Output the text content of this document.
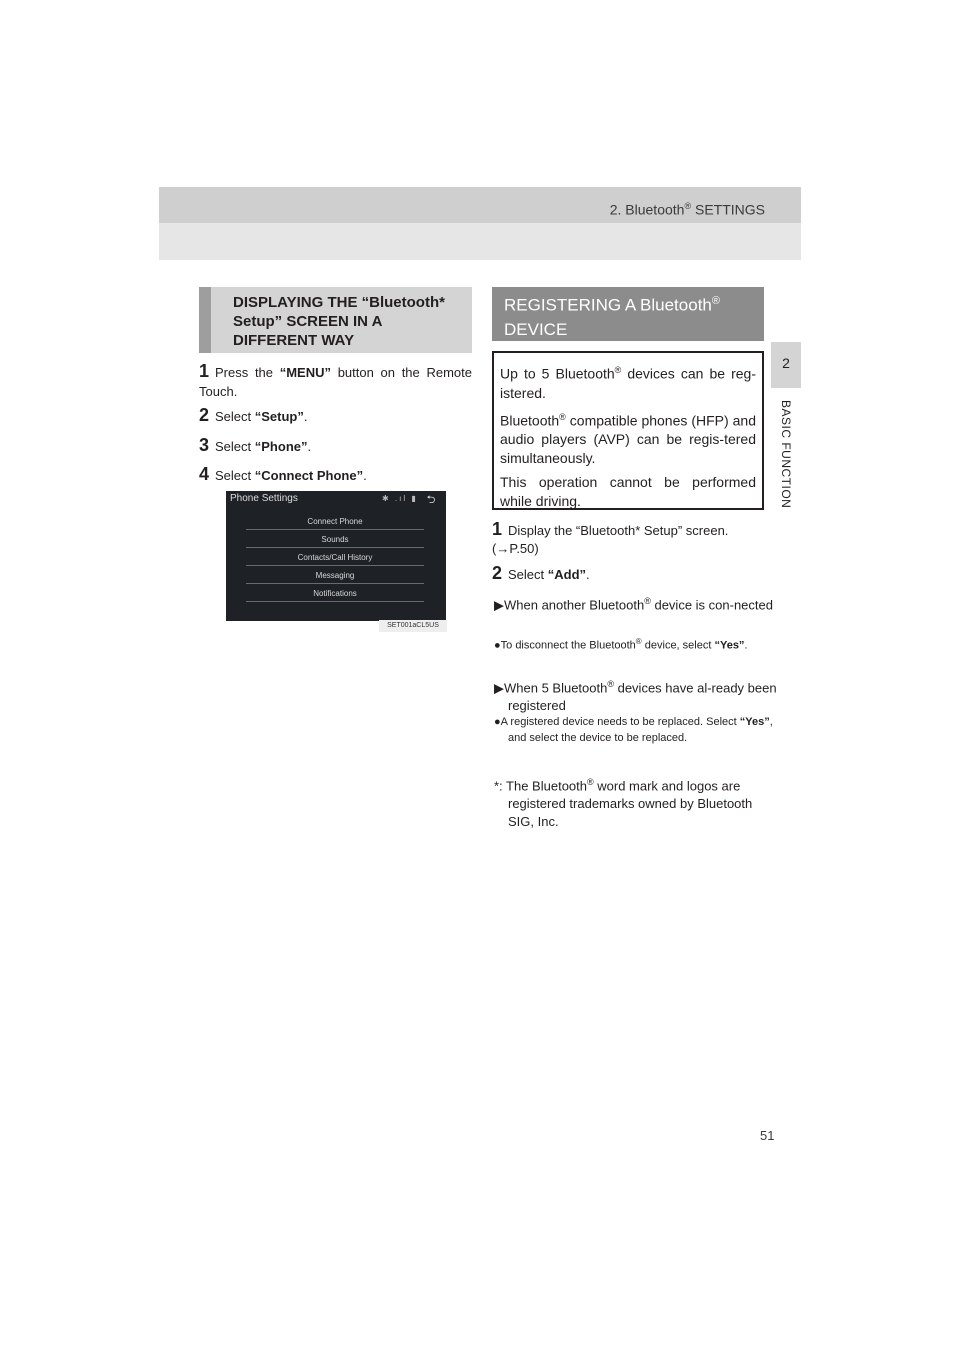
2. Bluetooth® SETTINGS
2
BASIC FUNCTION
DISPLAYING THE “Bluetooth* Setup” SCREEN IN A DIFFERENT WAY
1 Press the “MENU” button on the Remote Touch.
2 Select “Setup”.
3 Select “Phone”.
4 Select “Connect Phone”.
Phone Settings	✱ .ıl ▮ ⮌
Connect Phone
Sounds
Contacts/Call History
Messaging
Notifications
SET001aCL5US
REGISTERING A Bluetooth®
DEVICE

Up to 5 Bluetooth® devices can be reg-istered.

Bluetooth® compatible phones (HFP) and audio players (AVP) can be regis-tered simultaneously.

This operation cannot be performed while driving.

1 Display the “Bluetooth* Setup” screen. (→P.50)
2 Select “Add”.
▶When another Bluetooth® device is con-nected
●To disconnect the Bluetooth® device, select “Yes”.
▶When 5 Bluetooth® devices have al-ready been registered
●A registered device needs to be replaced. Select “Yes”, and select the device to be replaced.
*: The Bluetooth® word mark and logos are registered trademarks owned by Bluetooth SIG, Inc.
51
